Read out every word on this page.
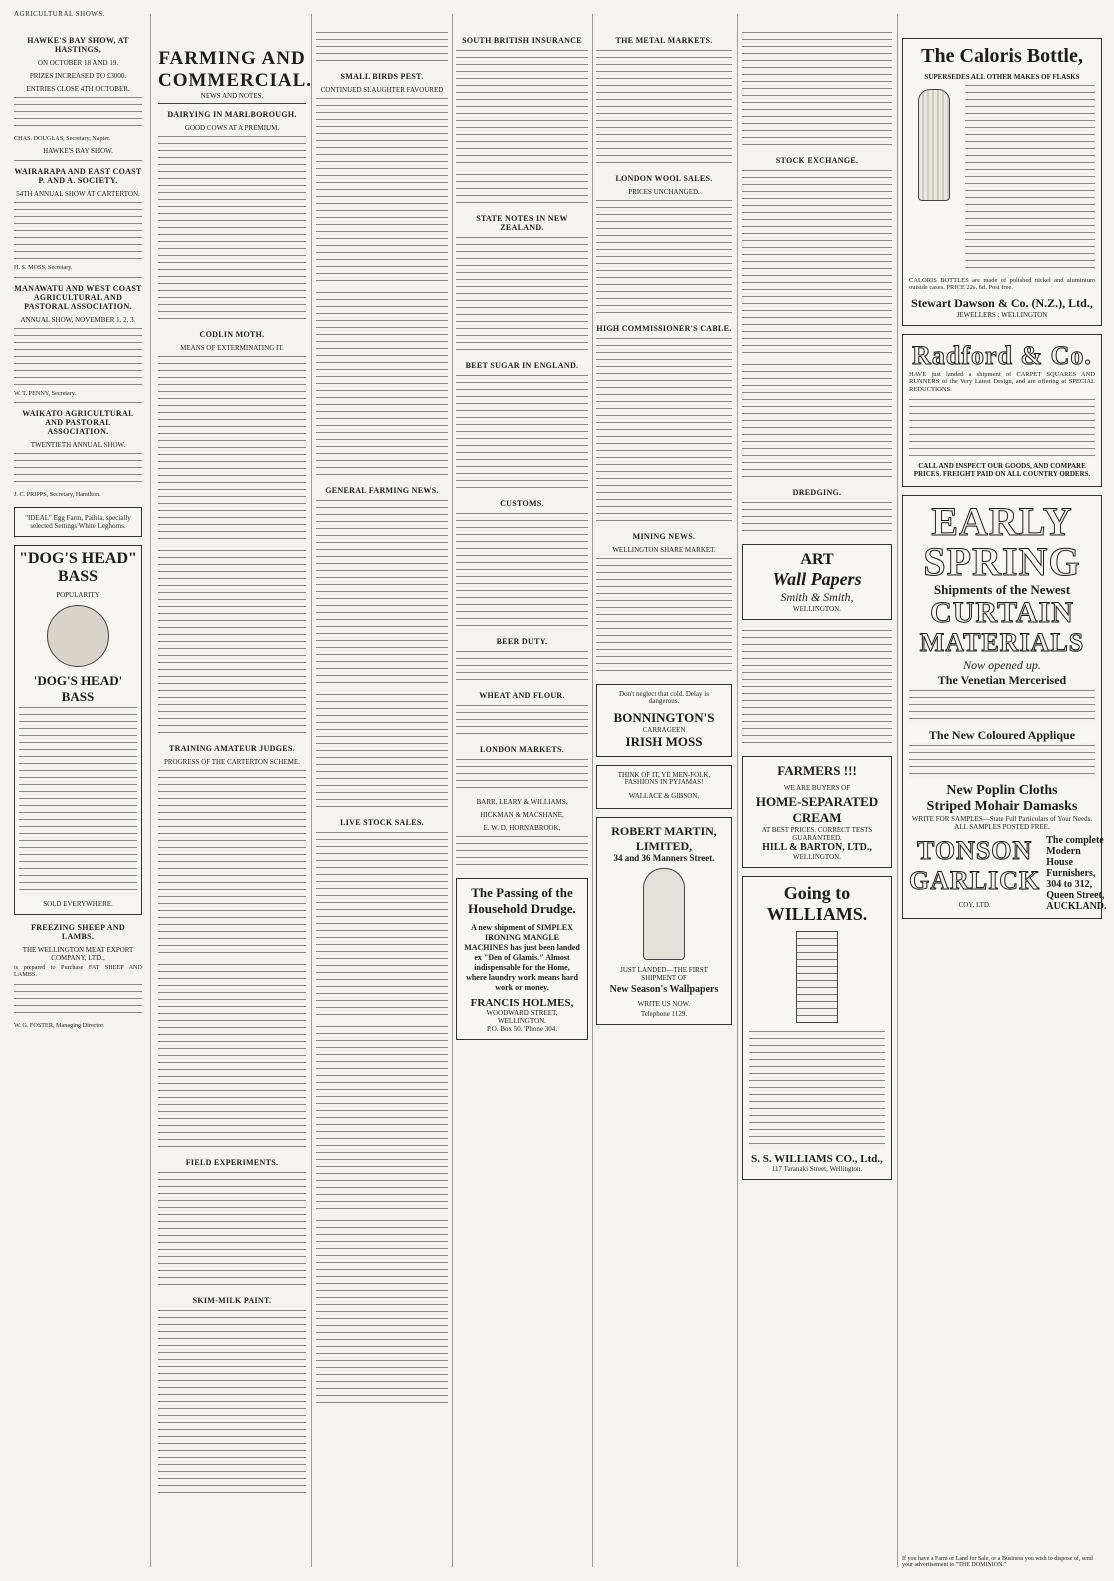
AGRICULTURAL SHOWS.
HAWKE'S BAY SHOW, AT HASTINGS,
ON OCTOBER 18 AND 19.
PRIZES INCREASED TO £3000.
ENTRIES CLOSE 4TH OCTOBER.
CHAS. DOUGLAS, Secretary, Napier.
HAWKE'S BAY SHOW.
WAIRARAPA AND EAST COAST P. AND A. SOCIETY.
54TH ANNUAL SHOW AT CARTERTON.
H. S. MOSS, Secretary.
MANAWATU AND WEST COAST AGRICULTURAL AND PASTORAL ASSOCIATION.
ANNUAL SHOW, NOVEMBER 1, 2, 3.
W. T. PENNY, Secretary.
WAIKATO AGRICULTURAL AND PASTORAL ASSOCIATION.
TWENTIETH ANNUAL SHOW.
J. C. PRIPPS, Secretary, Hamilton.
"IDEAL" Egg Farm, Paihia, specially selected Settings White Leghorns.
"DOG'S HEAD"
BASS
POPULARITY
'DOG'S HEAD' BASS
SOLD EVERYWHERE.
FREEZING SHEEP AND LAMBS.
THE WELLINGTON MEAT EXPORT COMPANY, LTD.,
is prepared to Purchase FAT SHEEP AND LAMBS.
W. G. FOSTER, Managing Director.
FARMING AND COMMERCIAL.
NEWS AND NOTES.
DAIRYING IN MARLBOROUGH.
GOOD COWS AT A PREMIUM.
CODLIN MOTH.
MEANS OF EXTERMINATING IT.
TRAINING AMATEUR JUDGES.
PROGRESS OF THE CARTERTON SCHEME.
FIELD EXPERIMENTS.
SKIM-MILK PAINT.
SMALL BIRDS PEST.
CONTINUED SLAUGHTER FAVOURED
GENERAL FARMING NEWS.
LIVE STOCK SALES.
SOUTH BRITISH INSURANCE
STATE NOTES IN NEW ZEALAND.
BEET SUGAR IN ENGLAND.
CUSTOMS.
BEER DUTY.
WHEAT AND FLOUR.
LONDON MARKETS.
BARR, LEARY & WILLIAMS,
HICKMAN & MACSHANE,
E. W. D. HORNABROOK,
The Passing of the Household Drudge.
A new shipment of SIMPLEX IRONING MANGLE MACHINES has just been landed ex "Den of Glamis." Almost indispensable for the Home, where laundry work means hard work or money.
FRANCIS HOLMES,
WOODWARD STREET, WELLINGTON.
P.O. Box 50. 'Phone 304.
THE METAL MARKETS.
LONDON WOOL SALES.
PRICES UNCHANGED.
HIGH COMMISSIONER'S CABLE.
MINING NEWS.
WELLINGTON SHARE MARKET.
Don't neglect that cold. Delay is dangerous.
BONNINGTON'S
CARRAGEEN
IRISH MOSS
THINK OF IT, YE MEN-FOLK, FASHIONS IN PYJAMAS!
WALLACE & GIBSON,
ROBERT MARTIN, LIMITED,
34 and 36 Manners Street.
JUST LANDED—THE FIRST SHIPMENT OF
New Season's Wallpapers
WRITE US NOW.
Telephone 1129.
STOCK EXCHANGE.
DREDGING.
ART
Wall Papers
Smith & Smith,
WELLINGTON.
FARMERS !!!
WE ARE BUYERS OF
HOME-SEPARATED CREAM
AT BEST PRICES. CORRECT TESTS GUARANTEED.
HILL & BARTON, LTD.,
WELLINGTON.
Going to WILLIAMS.
S. S. WILLIAMS CO., Ltd.,
117 Taranaki Street, Wellington.
The Caloris Bottle,
SUPERSEDES ALL OTHER MAKES OF FLASKS
CALORIS BOTTLES are made of polished nickel and aluminium outside cases. PRICE 22s. 6d. Post free.
Stewart Dawson & Co. (N.Z.), Ltd.,
JEWELLERS : WELLINGTON
Radford & Co.
HAVE just landed a shipment of CARPET SQUARES AND RUNNERS of the Very Latest Design, and are offering at SPECIAL REDUCTIONS.
CALL AND INSPECT OUR GOODS, AND COMPARE PRICES. FREIGHT PAID ON ALL COUNTRY ORDERS.
EARLY
SPRING
Shipments of the Newest
CURTAIN
MATERIALS
Now opened up.
The Venetian Mercerised
The New Coloured Applique
New Poplin Cloths
Striped Mohair Damasks
WRITE FOR SAMPLES—State Full Particulars of Your Needs. ALL SAMPLES POSTED FREE.
TONSON
GARLICK
COY, LTD.
The complete Modern House Furnishers,
304 to 312, Queen Street,
AUCKLAND.
If you have a Farm or Land for Sale, or a Business you wish to dispose of, send your advertisement to "THE DOMINION."
